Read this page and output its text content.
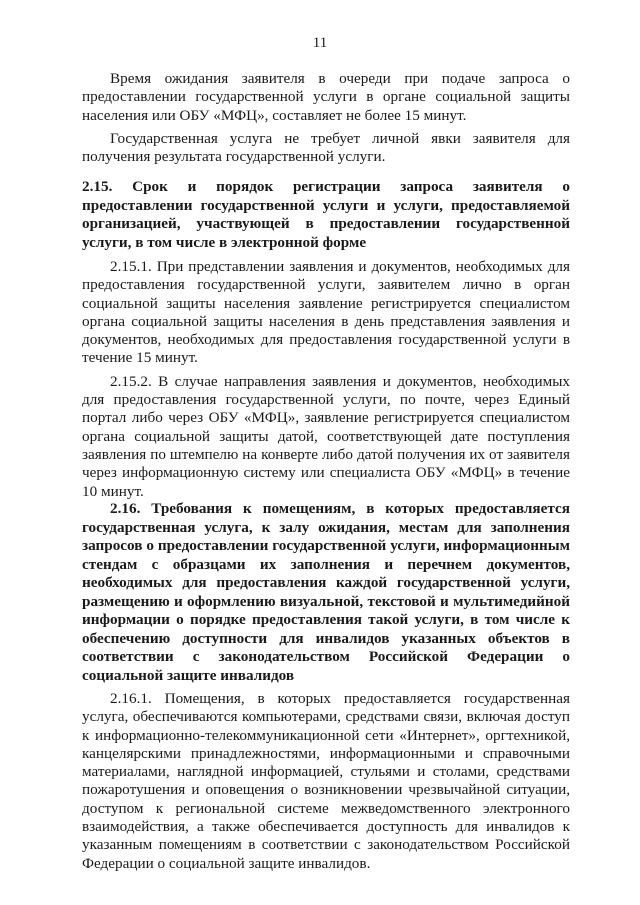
11

Время ожидания заявителя в очереди при подаче запроса о предоставлении государственной услуги в органе социальной защиты населения или ОБУ «МФЦ», составляет не более 15 минут.

Государственная услуга не требует личной явки заявителя для получения результата государственной услуги.

2.15. Срок и порядок регистрации запроса заявителя о предоставлении государственной услуги и услуги, предоставляемой организацией, участвующей в предоставлении государственной услуги, в том числе в электронной форме

2.15.1. При представлении заявления и документов, необходимых для предоставления государственной услуги, заявителем лично в орган социальной защиты населения заявление регистрируется специалистом органа социальной защиты населения в день представления заявления и документов, необходимых для предоставления государственной услуги в течение 15 минут.

2.15.2. В случае направления заявления и документов, необходимых для предоставления государственной услуги, по почте, через Единый портал либо через ОБУ «МФЦ», заявление регистрируется специалистом органа социальной защиты датой, соответствующей дате поступления заявления по штемпелю на конверте либо датой получения их от заявителя через информационную систему или специалиста ОБУ «МФЦ» в течение 10 минут.

2.16. Требования к помещениям, в которых предоставляется государственная услуга, к залу ожидания, местам для заполнения запросов о предоставлении государственной услуги, информационным стендам с образцами их заполнения и перечнем документов, необходимых для предоставления каждой государственной услуги, размещению и оформлению визуальной, текстовой и мультимедийной информации о порядке предоставления такой услуги, в том числе к обеспечению доступности для инвалидов указанных объектов в соответствии с законодательством Российской Федерации о социальной защите инвалидов

2.16.1. Помещения, в которых предоставляется государственная услуга, обеспечиваются компьютерами, средствами связи, включая доступ к информационно-телекоммуникационной сети «Интернет», оргтехникой, канцелярскими принадлежностями, информационными и справочными материалами, наглядной информацией, стульями и столами, средствами пожаротушения и оповещения о возникновении чрезвычайной ситуации, доступом к региональной системе межведомственного электронного взаимодействия, а также обеспечивается доступность для инвалидов к указанным помещениям в соответствии с законодательством Российской Федерации о социальной защите инвалидов.
